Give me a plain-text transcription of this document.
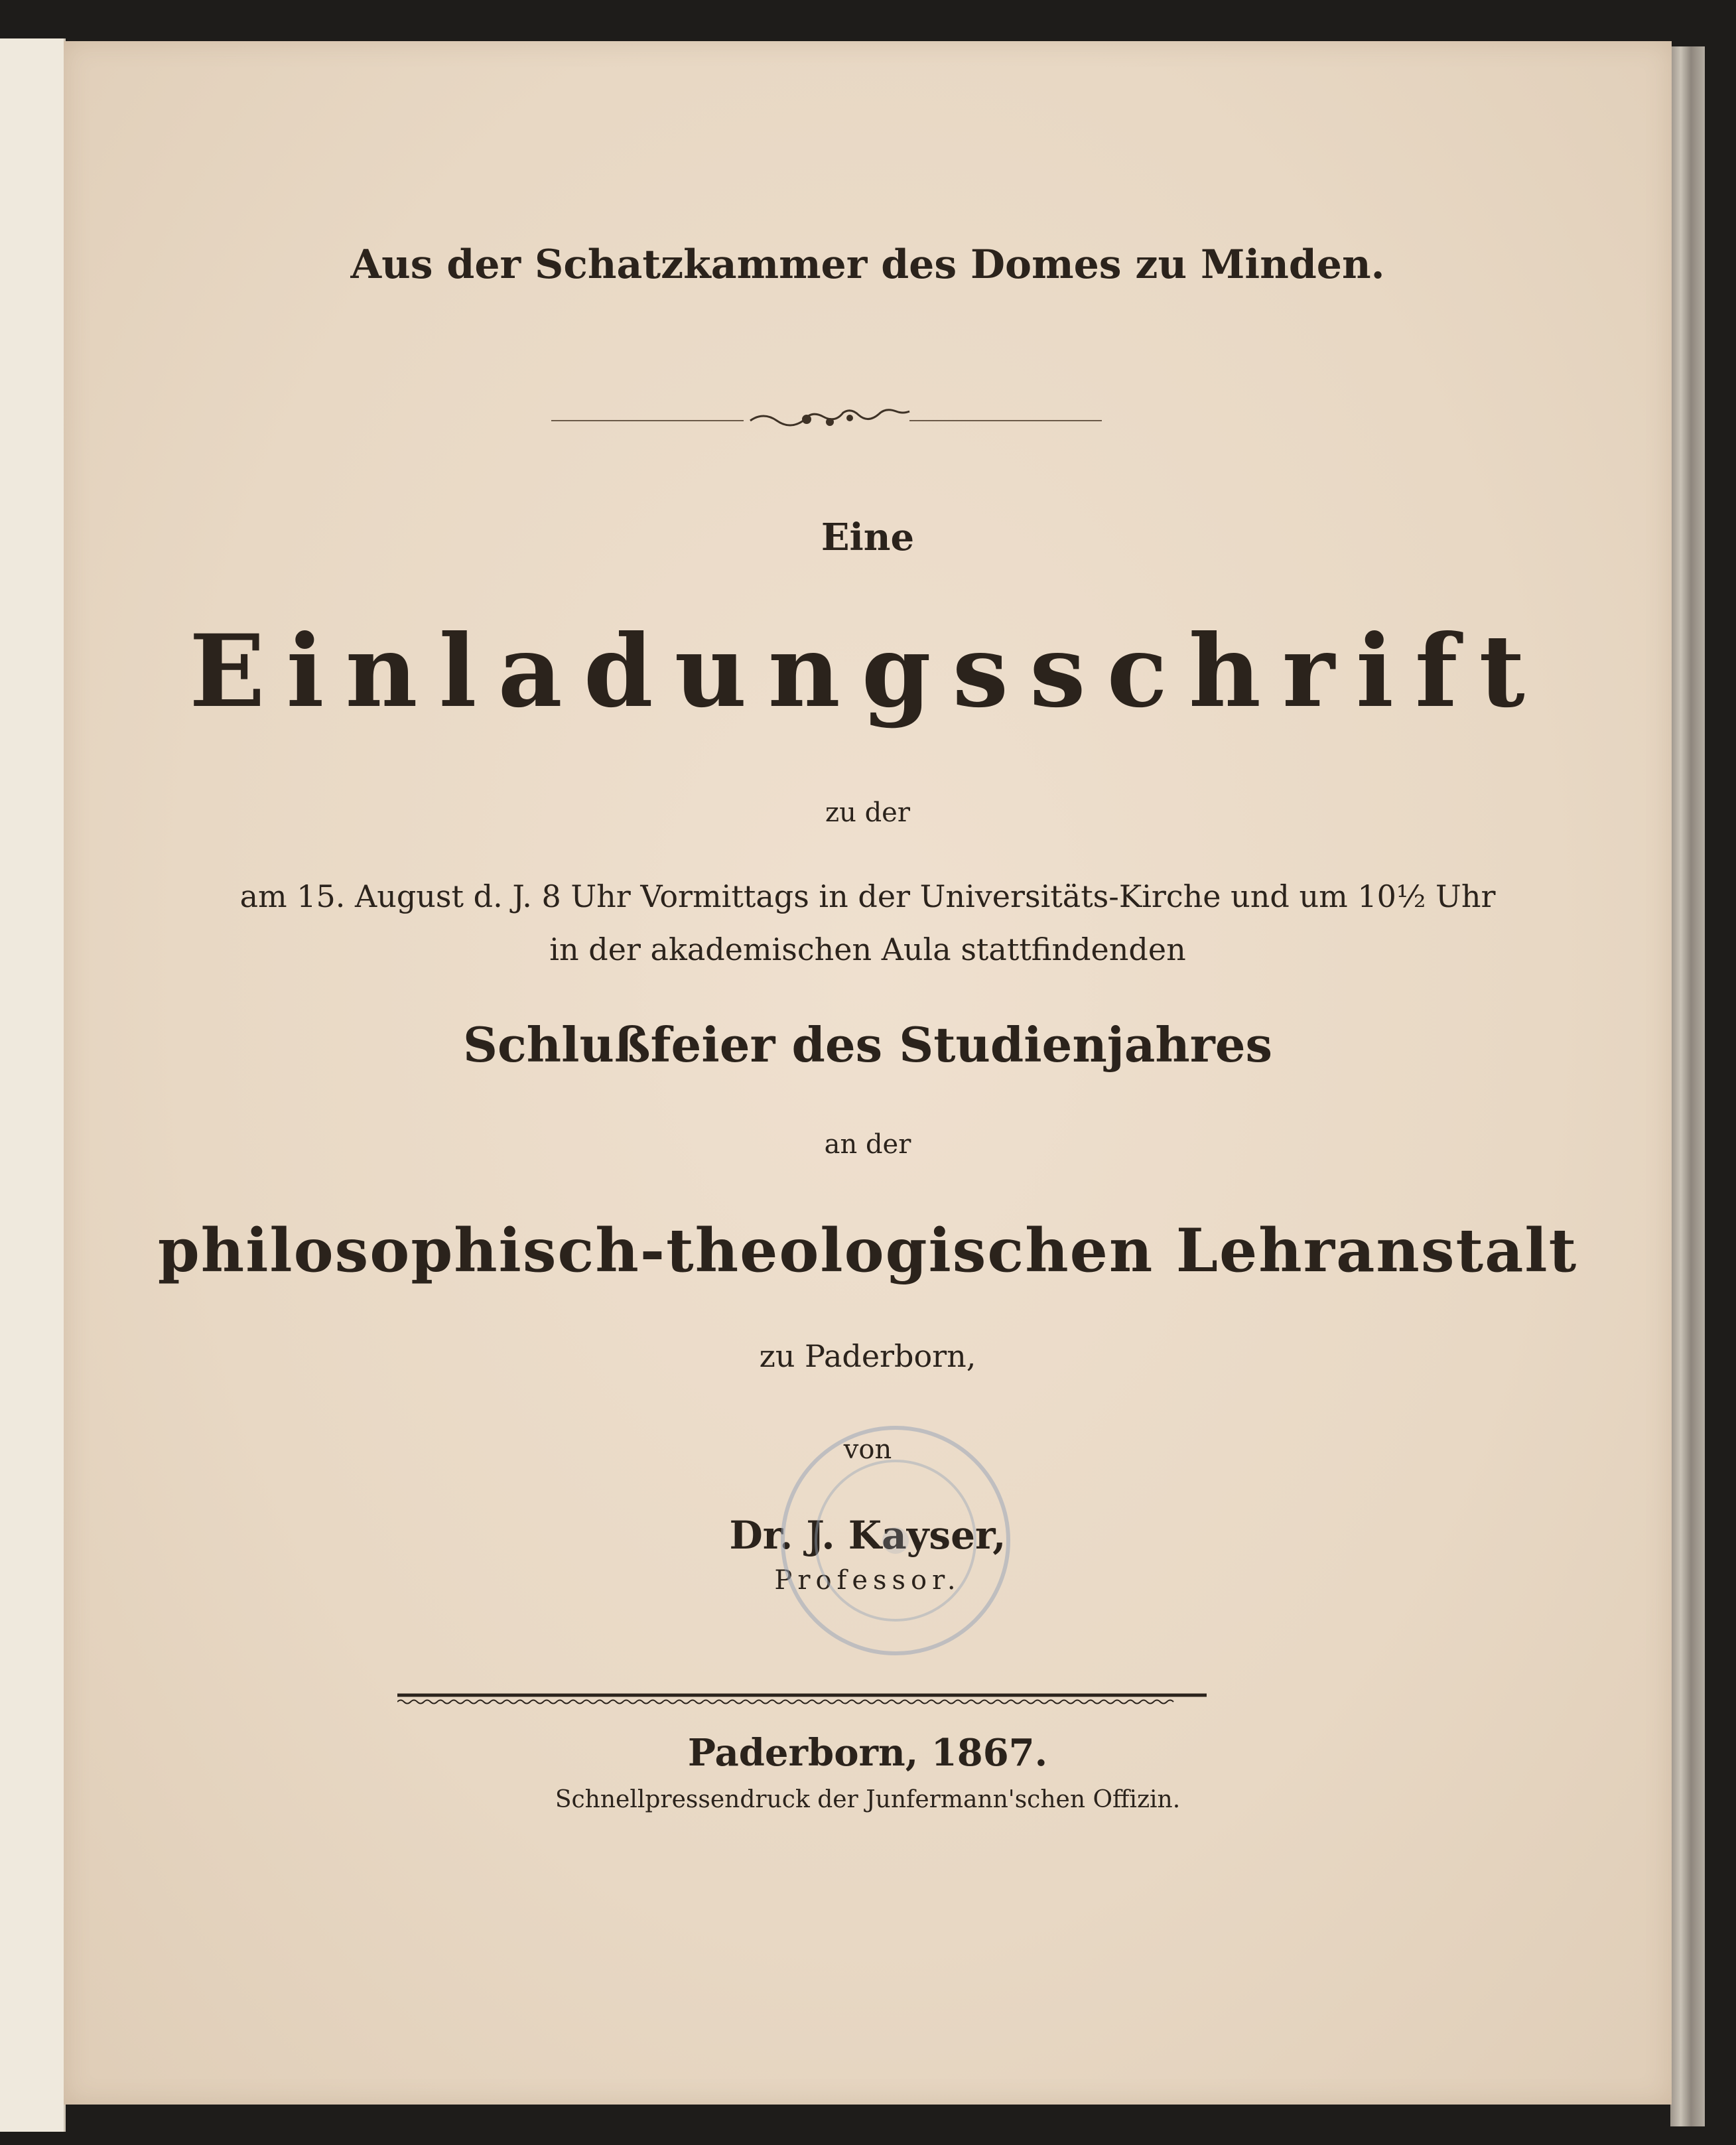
Aus der Schatzkammer des Domes zu Minden.
Eine
Einladungsschrift
zu der
am 15. August d. J. 8 Uhr Vormittags in der Universitäts-Kirche und um 10½ Uhr
in der akademischen Aula stattfindenden
Schlußfeier des Studienjahres
an der
philosophisch-theologischen Lehranstalt
zu Paderborn,
von
Dr. J. Kayser,
Professor.
Paderborn, 1867.
Schnellpressendruck der Junfermann'schen Offizin.
